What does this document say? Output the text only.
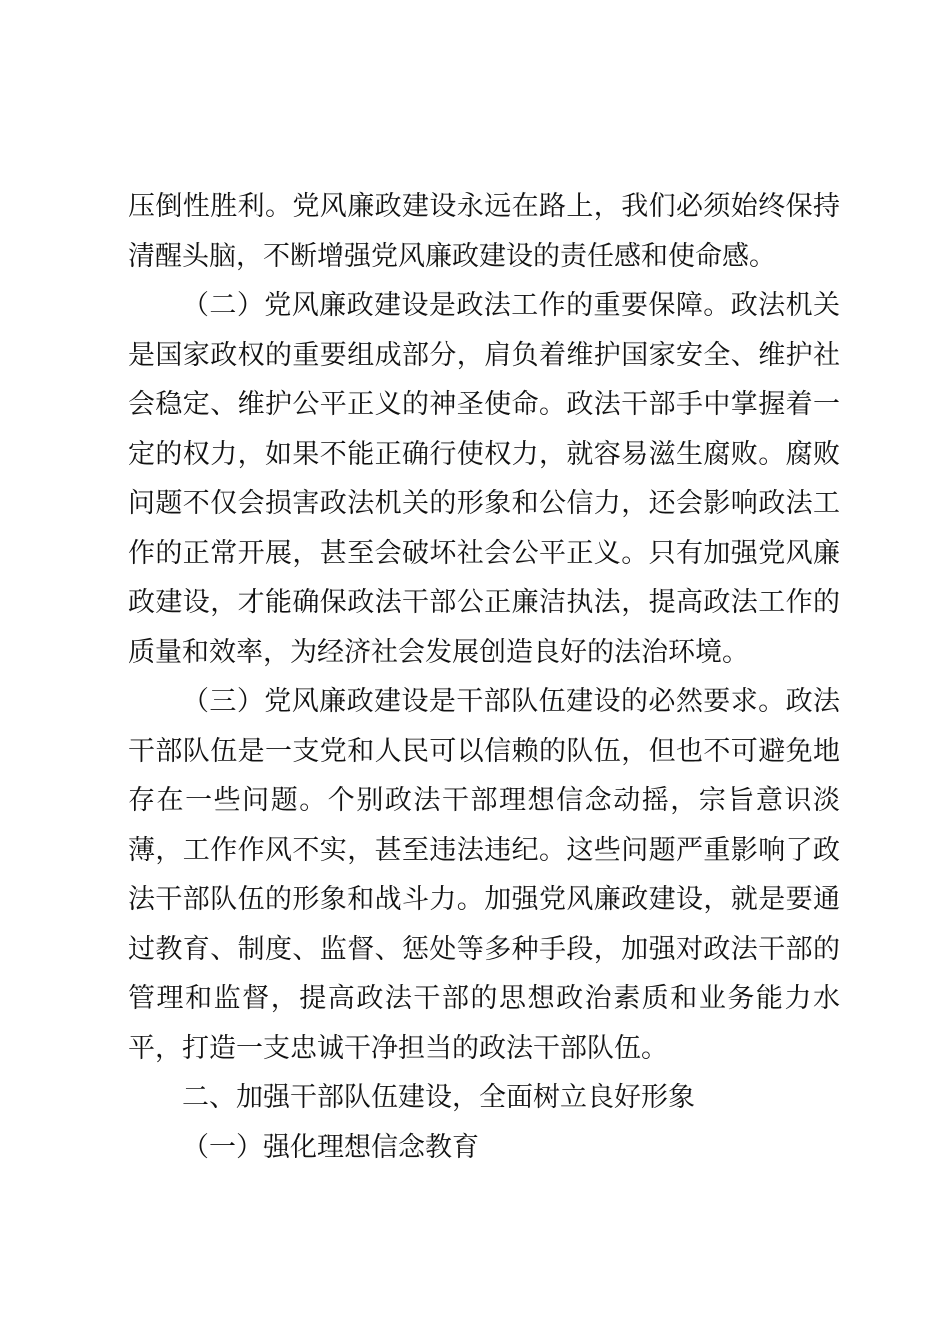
压倒性胜利。党风廉政建设永远在路上，我们必须始终保持清醒头脑，不断增强党风廉政建设的责任感和使命感。

（二）党风廉政建设是政法工作的重要保障。政法机关是国家政权的重要组成部分，肩负着维护国家安全、维护社会稳定、维护公平正义的神圣使命。政法干部手中掌握着一定的权力，如果不能正确行使权力，就容易滋生腐败。腐败问题不仅会损害政法机关的形象和公信力，还会影响政法工作的正常开展，甚至会破坏社会公平正义。只有加强党风廉政建设，才能确保政法干部公正廉洁执法，提高政法工作的质量和效率，为经济社会发展创造良好的法治环境。

（三）党风廉政建设是干部队伍建设的必然要求。政法干部队伍是一支党和人民可以信赖的队伍，但也不可避免地存在一些问题。个别政法干部理想信念动摇，宗旨意识淡薄，工作作风不实，甚至违法违纪。这些问题严重影响了政法干部队伍的形象和战斗力。加强党风廉政建设，就是要通过教育、制度、监督、惩处等多种手段，加强对政法干部的管理和监督，提高政法干部的思想政治素质和业务能力水平，打造一支忠诚干净担当的政法干部队伍。

二、加强干部队伍建设，全面树立良好形象

（一）强化理想信念教育
